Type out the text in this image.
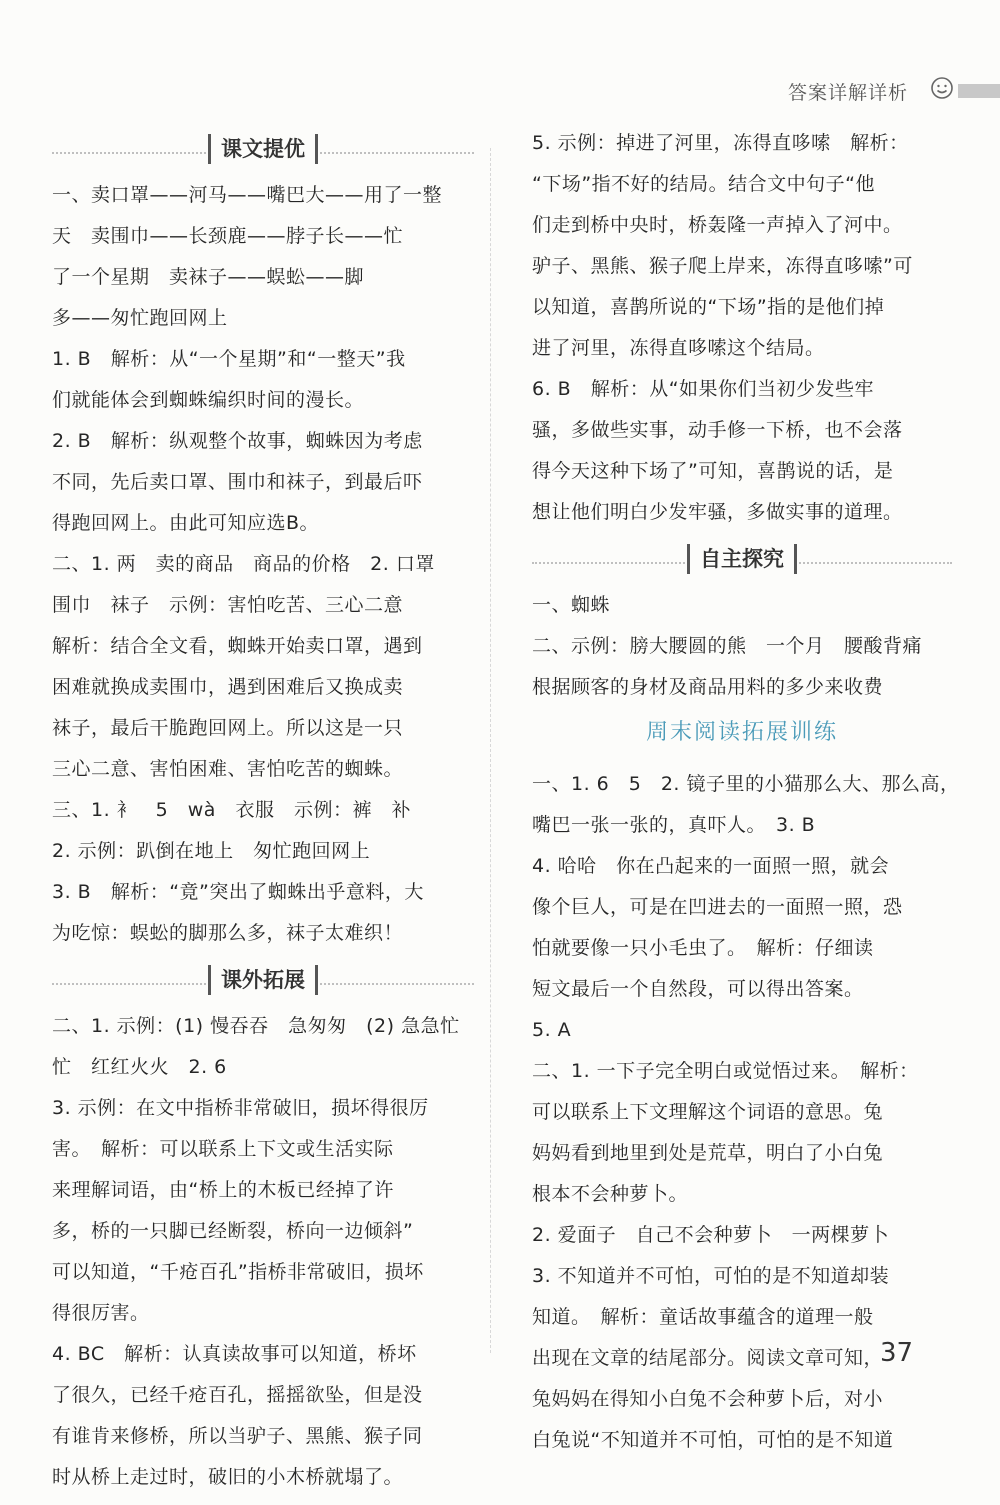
答案详解详析
课文提优

一、卖口罩——河马——嘴巴大——用了一整

天　卖围巾——长颈鹿——脖子长——忙

了一个星期　卖袜子——蜈蚣——脚

多——匆忙跑回网上

1. B　解析：从“一个星期”和“一整天”我

们就能体会到蜘蛛编织时间的漫长。

2. B　解析：纵观整个故事，蜘蛛因为考虑

不同，先后卖口罩、围巾和袜子，到最后吓

得跑回网上。由此可知应选B。

二、1. 两　卖的商品　商品的价格　2. 口罩

围巾　袜子　示例：害怕吃苦、三心二意

解析：结合全文看，蜘蛛开始卖口罩，遇到

困难就换成卖围巾，遇到困难后又换成卖

袜子，最后干脆跑回网上。所以这是一只

三心二意、害怕困难、害怕吃苦的蜘蛛。

三、1. 衤　5　wà　衣服　示例：裤　补

2. 示例：趴倒在地上　匆忙跑回网上

3. B　解析：“竟”突出了蜘蛛出乎意料，大

为吃惊：蜈蚣的脚那么多，袜子太难织！

课外拓展

二、1. 示例：(1) 慢吞吞　急匆匆　(2) 急急忙

忙　红红火火　2. 6

3. 示例：在文中指桥非常破旧，损坏得很厉

害。　解析：可以联系上下文或生活实际

来理解词语，由“桥上的木板已经掉了许

多，桥的一只脚已经断裂，桥向一边倾斜”

可以知道，“千疮百孔”指桥非常破旧，损坏

得很厉害。

4. BC　解析：认真读故事可以知道，桥坏

了很久，已经千疮百孔，摇摇欲坠，但是没

有谁肯来修桥，所以当驴子、黑熊、猴子同

时从桥上走过时，破旧的小木桥就塌了。

5. 示例：掉进了河里，冻得直哆嗦　解析：

“下场”指不好的结局。结合文中句子“他

们走到桥中央时，桥轰隆一声掉入了河中。

驴子、黑熊、猴子爬上岸来，冻得直哆嗦”可

以知道，喜鹊所说的“下场”指的是他们掉

进了河里，冻得直哆嗦这个结局。

6. B　解析：从“如果你们当初少发些牢

骚，多做些实事，动手修一下桥，也不会落

得今天这种下场了”可知，喜鹊说的话，是

想让他们明白少发牢骚，多做实事的道理。

自主探究

一、蜘蛛

二、示例：膀大腰圆的熊　一个月　腰酸背痛

根据顾客的身材及商品用料的多少来收费

周末阅读拓展训练

一、1. 6　5　2. 镜子里的小猫那么大、那么高，

嘴巴一张一张的，真吓人。　3. B

4. 哈哈　你在凸起来的一面照一照，就会

像个巨人，可是在凹进去的一面照一照，恐

怕就要像一只小毛虫了。　解析：仔细读

短文最后一个自然段，可以得出答案。

5. A

二、1. 一下子完全明白或觉悟过来。　解析：

可以联系上下文理解这个词语的意思。兔

妈妈看到地里到处是荒草，明白了小白兔

根本不会种萝卜。

2. 爱面子　自己不会种萝卜　一两棵萝卜

3. 不知道并不可怕，可怕的是不知道却装

知道。　解析：童话故事蕴含的道理一般

出现在文章的结尾部分。阅读文章可知，

兔妈妈在得知小白兔不会种萝卜后，对小

白兔说“不知道并不可怕，可怕的是不知道

37
